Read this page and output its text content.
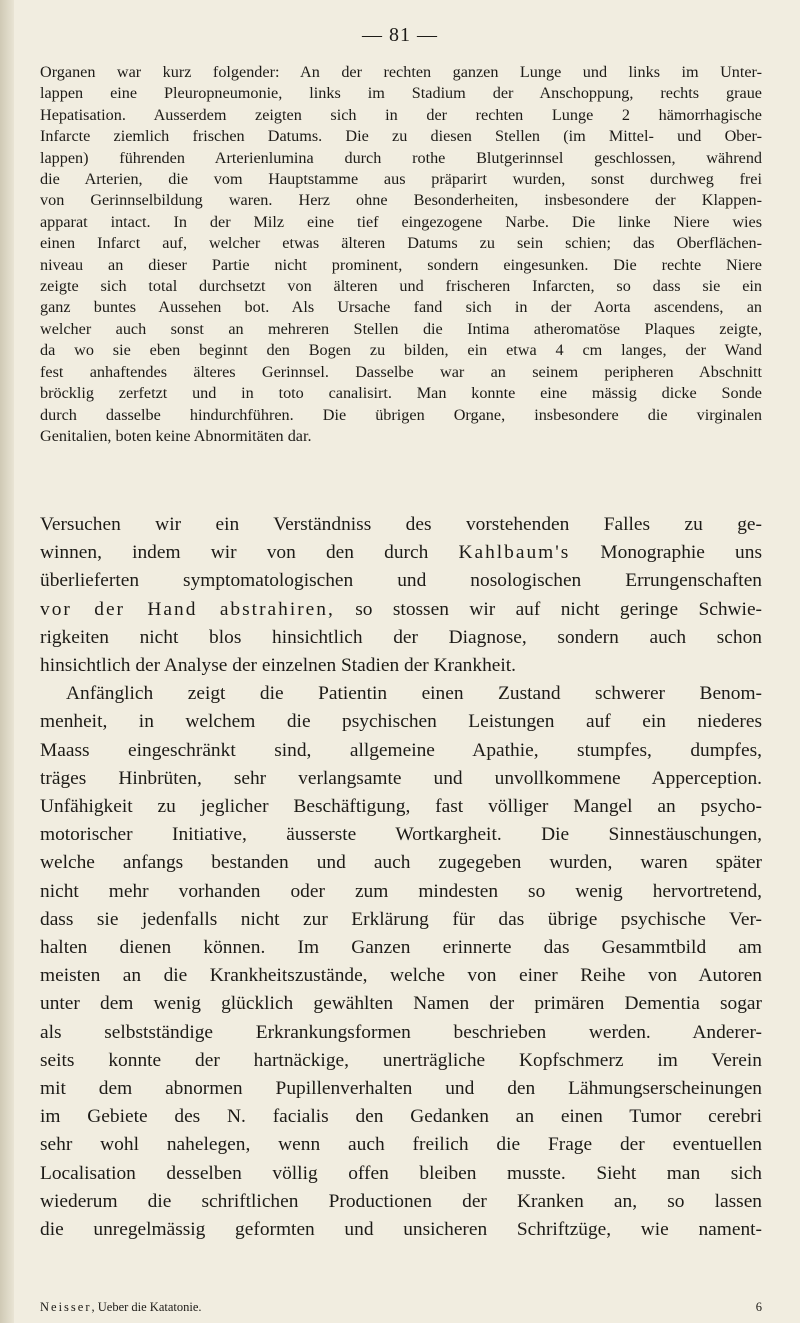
— 81 —
Organen war kurz folgender: An der rechten ganzen Lunge und links im Unter-
lappen eine Pleuropneumonie, links im Stadium der Anschoppung, rechts graue
Hepatisation. Ausserdem zeigten sich in der rechten Lunge 2 hämorrhagische
Infarcte ziemlich frischen Datums. Die zu diesen Stellen (im Mittel- und Ober-
lappen) führenden Arterienlumina durch rothe Blutgerinnsel geschlossen, während
die Arterien, die vom Hauptstamme aus präparirt wurden, sonst durchweg frei
von Gerinnselbildung waren. Herz ohne Besonderheiten, insbesondere der Klappen-
apparat intact. In der Milz eine tief eingezogene Narbe. Die linke Niere wies
einen Infarct auf, welcher etwas älteren Datums zu sein schien; das Oberflächen-
niveau an dieser Partie nicht prominent, sondern eingesunken. Die rechte Niere
zeigte sich total durchsetzt von älteren und frischeren Infarcten, so dass sie ein
ganz buntes Aussehen bot. Als Ursache fand sich in der Aorta ascendens, an
welcher auch sonst an mehreren Stellen die Intima atheromatöse Plaques zeigte,
da wo sie eben beginnt den Bogen zu bilden, ein etwa 4 cm langes, der Wand
fest anhaftendes älteres Gerinnsel. Dasselbe war an seinem peripheren Abschnitt
bröcklig zerfetzt und in toto canalisirt. Man konnte eine mässig dicke Sonde
durch dasselbe hindurchführen. Die übrigen Organe, insbesondere die virginalen
Genitalien, boten keine Abnormitäten dar.
Versuchen wir ein Verständniss des vorstehenden Falles zu ge-
winnen, indem wir von den durch Kahlbaum's Monographie uns
überlieferten symptomatologischen und nosologischen Errungenschaften
vor der Hand abstrahiren, so stossen wir auf nicht geringe Schwie-
rigkeiten nicht blos hinsichtlich der Diagnose, sondern auch schon
hinsichtlich der Analyse der einzelnen Stadien der Krankheit.
Anfänglich zeigt die Patientin einen Zustand schwerer Benom-
menheit, in welchem die psychischen Leistungen auf ein niederes
Maass eingeschränkt sind, allgemeine Apathie, stumpfes, dumpfes,
träges Hinbrüten, sehr verlangsamte und unvollkommene Apperception.
Unfähigkeit zu jeglicher Beschäftigung, fast völliger Mangel an psycho-
motorischer Initiative, äusserste Wortkargheit. Die Sinnestäuschungen,
welche anfangs bestanden und auch zugegeben wurden, waren später
nicht mehr vorhanden oder zum mindesten so wenig hervortretend,
dass sie jedenfalls nicht zur Erklärung für das übrige psychische Ver-
halten dienen können. Im Ganzen erinnerte das Gesammtbild am
meisten an die Krankheitszustände, welche von einer Reihe von Autoren
unter dem wenig glücklich gewählten Namen der primären Dementia sogar
als selbstständige Erkrankungsformen beschrieben werden. Anderer-
seits konnte der hartnäckige, unerträgliche Kopfschmerz im Verein
mit dem abnormen Pupillenverhalten und den Lähmungserscheinungen
im Gebiete des N. facialis den Gedanken an einen Tumor cerebri
sehr wohl nahelegen, wenn auch freilich die Frage der eventuellen
Localisation desselben völlig offen bleiben musste. Sieht man sich
wiederum die schriftlichen Productionen der Kranken an, so lassen
die unregelmässig geformten und unsicheren Schriftzüge, wie nament-
Neisser, Ueber die Katatonie.	6
